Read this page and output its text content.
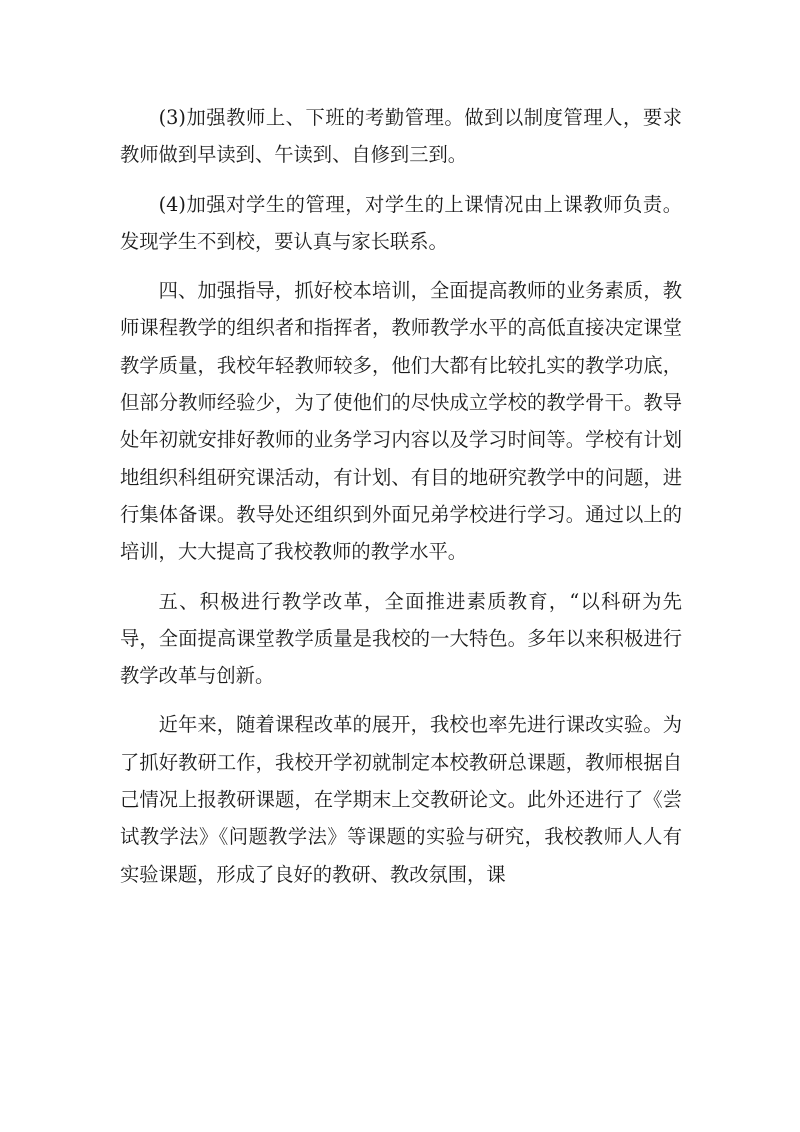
(3)加强教师上、下班的考勤管理。做到以制度管理人，要求教师做到早读到、午读到、自修到三到。

(4)加强对学生的管理，对学生的上课情况由上课教师负责。发现学生不到校，要认真与家长联系。

四、加强指导，抓好校本培训，全面提高教师的业务素质，教师课程教学的组织者和指挥者，教师教学水平的高低直接决定课堂教学质量，我校年轻教师较多，他们大都有比较扎实的教学功底，但部分教师经验少，为了使他们的尽快成立学校的教学骨干。教导处年初就安排好教师的业务学习内容以及学习时间等。学校有计划地组织科组研究课活动，有计划、有目的地研究教学中的问题，进行集体备课。教导处还组织到外面兄弟学校进行学习。通过以上的培训，大大提高了我校教师的教学水平。

五、积极进行教学改革，全面推进素质教育，“以科研为先导，全面提高课堂教学质量是我校的一大特色。多年以来积极进行教学改革与创新。

近年来，随着课程改革的展开，我校也率先进行课改实验。为了抓好教研工作，我校开学初就制定本校教研总课题，教师根据自己情况上报教研课题，在学期末上交教研论文。此外还进行了《尝试教学法》《问题教学法》等课题的实验与研究，我校教师人人有实验课题，形成了良好的教研、教改氛围，课
